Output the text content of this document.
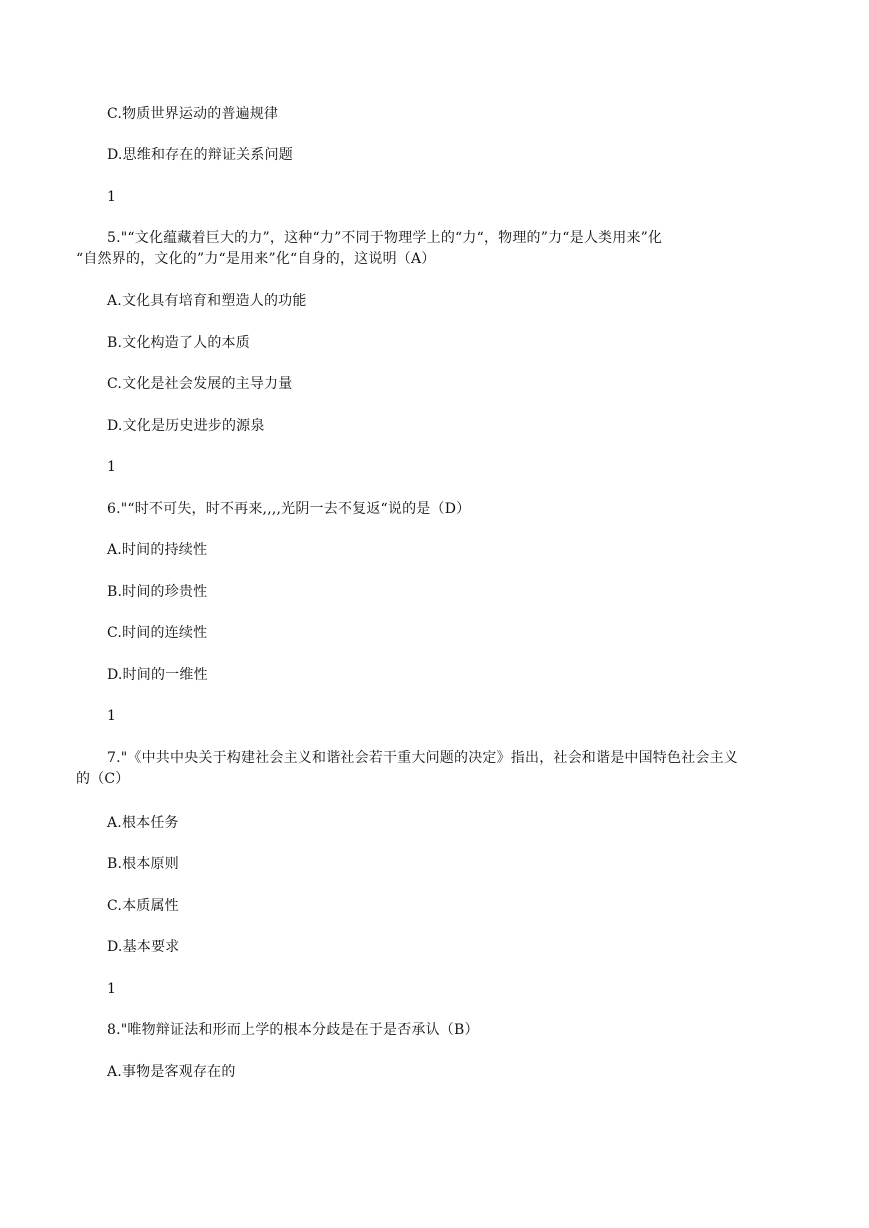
C.物质世界运动的普遍规律
D.思维和存在的辩证关系问题
1
5."“文化蕴藏着巨大的力”，这种“力”不同于物理学上的“力“，物理的”力“是人类用来”化
“自然界的，文化的”力“是用来”化“自身的，这说明（A）
A.文化具有培育和塑造人的功能
B.文化构造了人的本质
C.文化是社会发展的主导力量
D.文化是历史进步的源泉
1
6."“时不可失，时不再来,,,,光阴一去不复返“说的是（D）
A.时间的持续性
B.时间的珍贵性
C.时间的连续性
D.时间的一维性
1
7."《中共中央关于构建社会主义和谐社会若干重大问题的决定》指出，社会和谐是中国特色社会主义
的（C）
A.根本任务
B.根本原则
C.本质属性
D.基本要求
1
8."唯物辩证法和形而上学的根本分歧是在于是否承认（B）
A.事物是客观存在的
